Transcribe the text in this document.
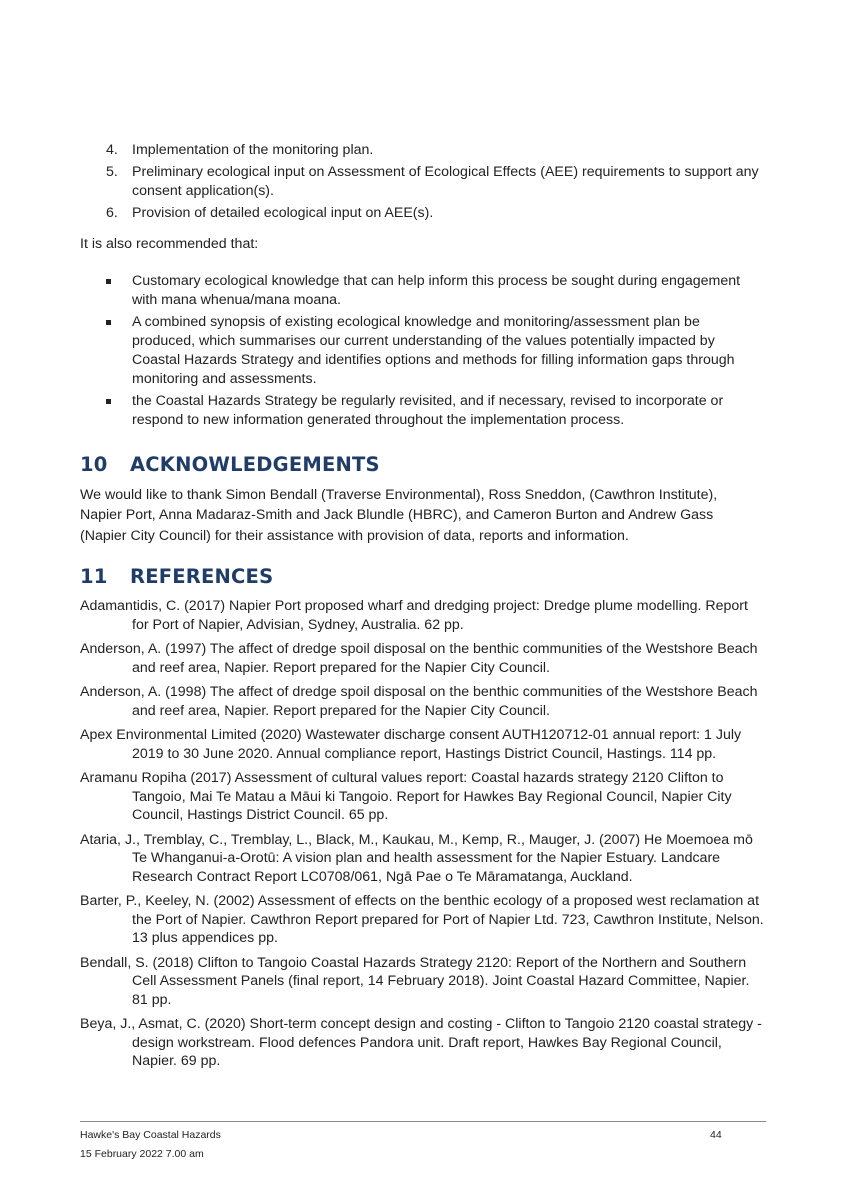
4. Implementation of the monitoring plan.
5. Preliminary ecological input on Assessment of Ecological Effects (AEE) requirements to support any consent application(s).
6. Provision of detailed ecological input on AEE(s).

It is also recommended that:

Customary ecological knowledge that can help inform this process be sought during engagement with mana whenua/mana moana.
A combined synopsis of existing ecological knowledge and monitoring/assessment plan be produced, which summarises our current understanding of the values potentially impacted by Coastal Hazards Strategy and identifies options and methods for filling information gaps through monitoring and assessments.
the Coastal Hazards Strategy be regularly revisited, and if necessary, revised to incorporate or respond to new information generated throughout the implementation process.
10 ACKNOWLEDGEMENTS

We would like to thank Simon Bendall (Traverse Environmental), Ross Sneddon, (Cawthron Institute), Napier Port, Anna Madaraz-Smith and Jack Blundle (HBRC), and Cameron Burton and Andrew Gass (Napier City Council) for their assistance with provision of data, reports and information.

11 REFERENCES
Adamantidis, C. (2017) Napier Port proposed wharf and dredging project: Dredge plume modelling. Report for Port of Napier, Advisian, Sydney, Australia. 62 pp.
Anderson, A. (1997) The affect of dredge spoil disposal on the benthic communities of the Westshore Beach and reef area, Napier. Report prepared for the Napier City Council.
Anderson, A. (1998) The affect of dredge spoil disposal on the benthic communities of the Westshore Beach and reef area, Napier. Report prepared for the Napier City Council.
Apex Environmental Limited (2020) Wastewater discharge consent AUTH120712-01 annual report: 1 July 2019 to 30 June 2020. Annual compliance report, Hastings District Council, Hastings. 114 pp.
Aramanu Ropiha (2017) Assessment of cultural values report: Coastal hazards strategy 2120 Clifton to Tangoio, Mai Te Matau a Māui ki Tangoio. Report for Hawkes Bay Regional Council, Napier City Council, Hastings District Council. 65 pp.
Ataria, J., Tremblay, C., Tremblay, L., Black, M., Kaukau, M., Kemp, R., Mauger, J. (2007) He Moemoea mō Te Whanganui-a-Orotū: A vision plan and health assessment for the Napier Estuary. Landcare Research Contract Report LC0708/061, Ngā Pae o Te Māramatanga, Auckland.
Barter, P., Keeley, N. (2002) Assessment of effects on the benthic ecology of a proposed west reclamation at the Port of Napier. Cawthron Report prepared for Port of Napier Ltd. 723, Cawthron Institute, Nelson. 13 plus appendices pp.
Bendall, S. (2018) Clifton to Tangoio Coastal Hazards Strategy 2120: Report of the Northern and Southern Cell Assessment Panels (final report, 14 February 2018). Joint Coastal Hazard Committee, Napier. 81 pp.
Beya, J., Asmat, C. (2020) Short-term concept design and costing - Clifton to Tangoio 2120 coastal strategy - design workstream. Flood defences Pandora unit. Draft report, Hawkes Bay Regional Council, Napier. 69 pp.
Hawke's Bay Coastal Hazards
15 February 2022 7.00 am
44
